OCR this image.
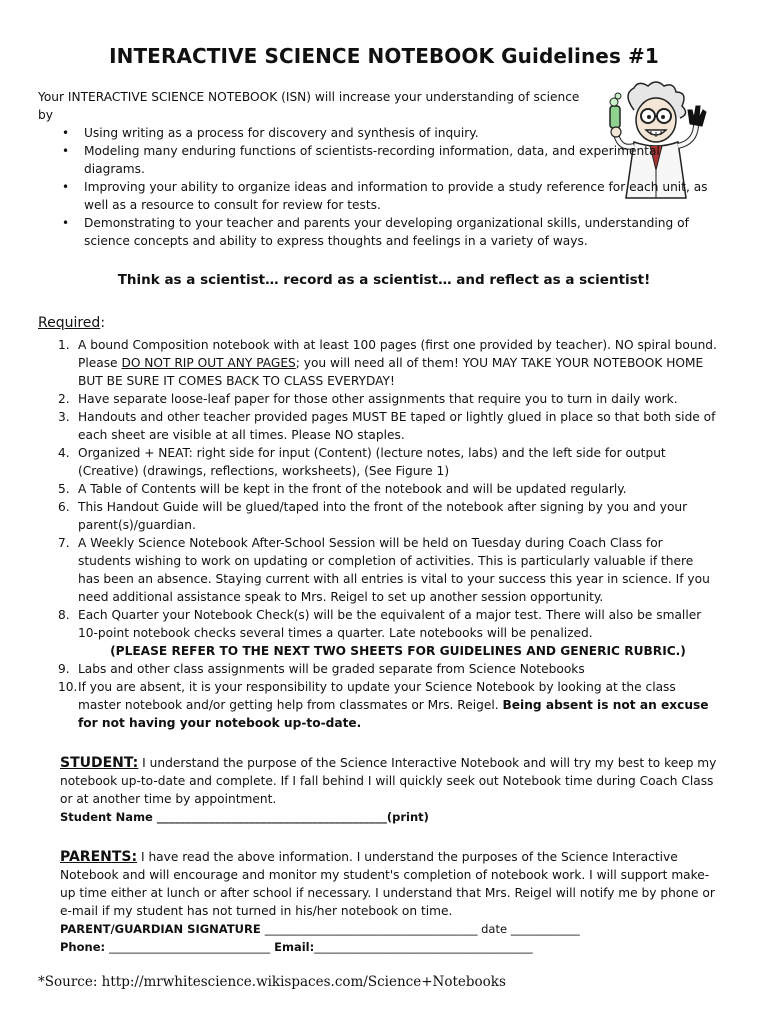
INTERACTIVE SCIENCE NOTEBOOK Guidelines #1
Your INTERACTIVE SCIENCE NOTEBOOK (ISN) will increase your understanding of science by
• Using writing as a process for discovery and synthesis of inquiry.
• Modeling many enduring functions of scientists-recording information, data, and experimental diagrams.
• Improving your ability to organize ideas and information to provide a study reference for each unit, as well as a resource to consult for review for tests.
• Demonstrating to your teacher and parents your developing organizational skills, understanding of science concepts and ability to express thoughts and feelings in a variety of ways.
Think as a scientist… record as a scientist… and reflect as a scientist!
Required:
1. A bound Composition notebook with at least 100 pages (first one provided by teacher). NO spiral bound. Please DO NOT RIP OUT ANY PAGES; you will need all of them! YOU MAY TAKE YOUR NOTEBOOK HOME BUT BE SURE IT COMES BACK TO CLASS EVERYDAY!
2. Have separate loose-leaf paper for those other assignments that require you to turn in daily work.
3. Handouts and other teacher provided pages MUST BE taped or lightly glued in place so that both side of each sheet are visible at all times. Please NO staples.
4. Organized + NEAT: right side for input (Content) (lecture notes, labs) and the left side for output (Creative) (drawings, reflections, worksheets), (See Figure 1)
5. A Table of Contents will be kept in the front of the notebook and will be updated regularly.
6. This Handout Guide will be glued/taped into the front of the notebook after signing by you and your parent(s)/guardian.
7. A Weekly Science Notebook After-School Session will be held on Tuesday during Coach Class for students wishing to work on updating or completion of activities. This is particularly valuable if there has been an absence. Staying current with all entries is vital to your success this year in science. If you need additional assistance speak to Mrs. Reigel to set up another session opportunity.
8. Each Quarter your Notebook Check(s) will be the equivalent of a major test. There will also be smaller 10-point notebook checks several times a quarter. Late notebooks will be penalized.
(PLEASE REFER TO THE NEXT TWO SHEETS FOR GUIDELINES AND GENERIC RUBRIC.)
9. Labs and other class assignments will be graded separate from Science Notebooks
10. If you are absent, it is your responsibility to update your Science Notebook by looking at the class master notebook and/or getting help from classmates or Mrs. Reigel. Being absent is not an excuse for not having your notebook up-to-date.
STUDENT: I understand the purpose of the Science Interactive Notebook and will try my best to keep my notebook up-to-date and complete. If I fall behind I will quickly seek out Notebook time during Coach Class or at another time by appointment.
Student Name ________________________________________(print)
PARENTS: I have read the above information. I understand the purposes of the Science Interactive Notebook and will encourage and monitor my student's completion of notebook work. I will support make-up time either at lunch or after school if necessary. I understand that Mrs. Reigel will notify me by phone or e-mail if my student has not turned in his/her notebook on time.
PARENT/GUARDIAN SIGNATURE _____________________________________ date ____________
Phone: ____________________________ Email:______________________________________
*Source: http://mrwhitescience.wikispaces.com/Science+Notebooks
